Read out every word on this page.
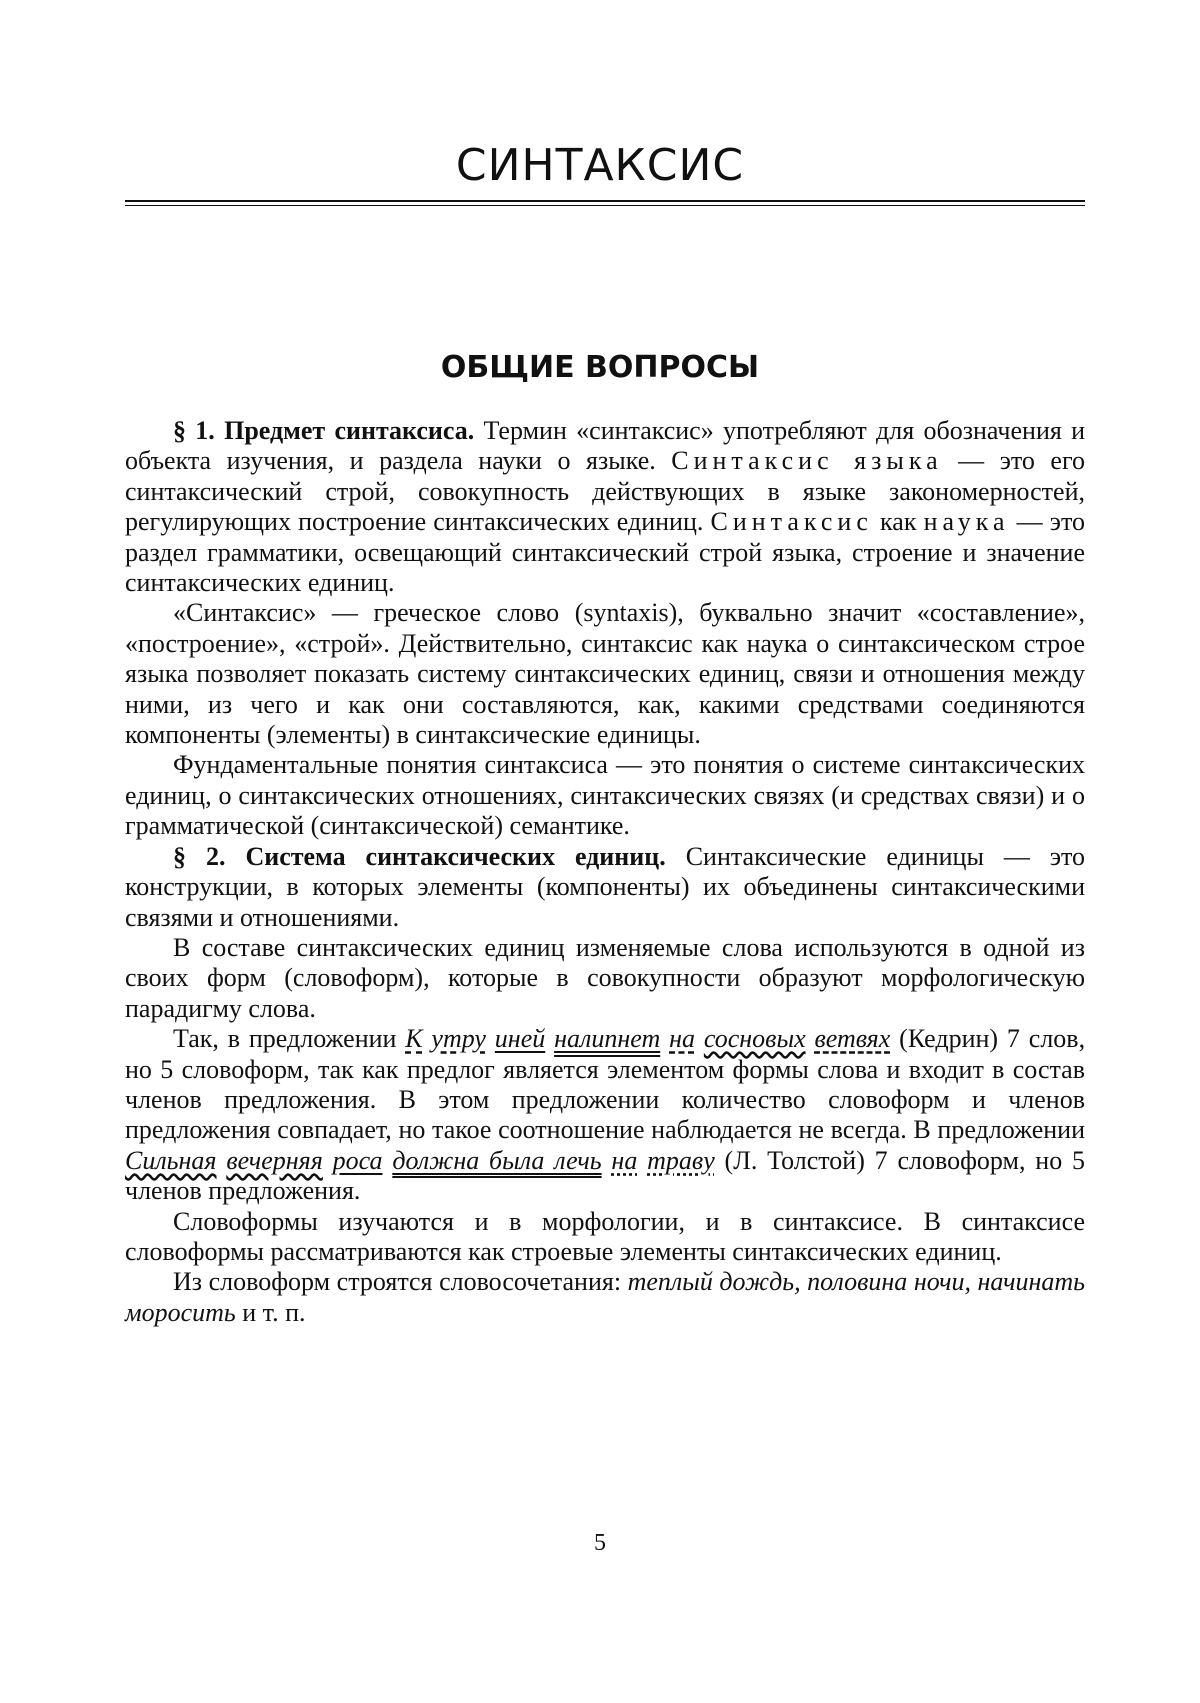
СИНТАКСИС
ОБЩИЕ ВОПРОСЫ

§ 1. Предмет синтаксиса. Термин «синтаксис» употребляют для обозначения и объекта изучения, и раздела науки о языке. Синтаксис языка — это его синтаксический строй, совокупность действующих в языке закономерностей, регулирующих построение синтаксических единиц. Синтаксис как наука — это раздел грамматики, освещающий синтаксический строй языка, строение и значение синтаксических единиц.

«Синтаксис» — греческое слово (syntaxis), буквально значит «составление», «построение», «строй». Действительно, синтаксис как наука о синтаксическом строе языка позволяет показать систему синтаксических единиц, связи и отношения между ними, из чего и как они составляются, как, какими средствами соединяются компоненты (элементы) в синтаксические единицы.

Фундаментальные понятия синтаксиса — это понятия о системе синтаксических единиц, о синтаксических отношениях, синтаксических связях (и средствах связи) и о грамматической (синтаксической) семантике.

§ 2. Система синтаксических единиц. Синтаксические единицы — это конструкции, в которых элементы (компоненты) их объединены синтаксическими связями и отношениями.

В составе синтаксических единиц изменяемые слова используются в одной из своих форм (словоформ), которые в совокупности образуют морфологическую парадигму слова.

Так, в предложении К утру иней налипнет на сосновых ветвях (Кедрин) 7 слов, но 5 словоформ, так как предлог является элементом формы слова и входит в состав членов предложения. В этом предложении количество словоформ и членов предложения совпадает, но такое соотношение наблюдается не всегда. В предложении Сильная вечерняя роса должна была лечь на траву (Л. Толстой) 7 словоформ, но 5 членов предложения.

Словоформы изучаются и в морфологии, и в синтаксисе. В синтаксисе словоформы рассматриваются как строевые элементы синтаксических единиц.

Из словоформ строятся словосочетания: теплый дождь, половина ночи, начинать моросить и т. п.

5
